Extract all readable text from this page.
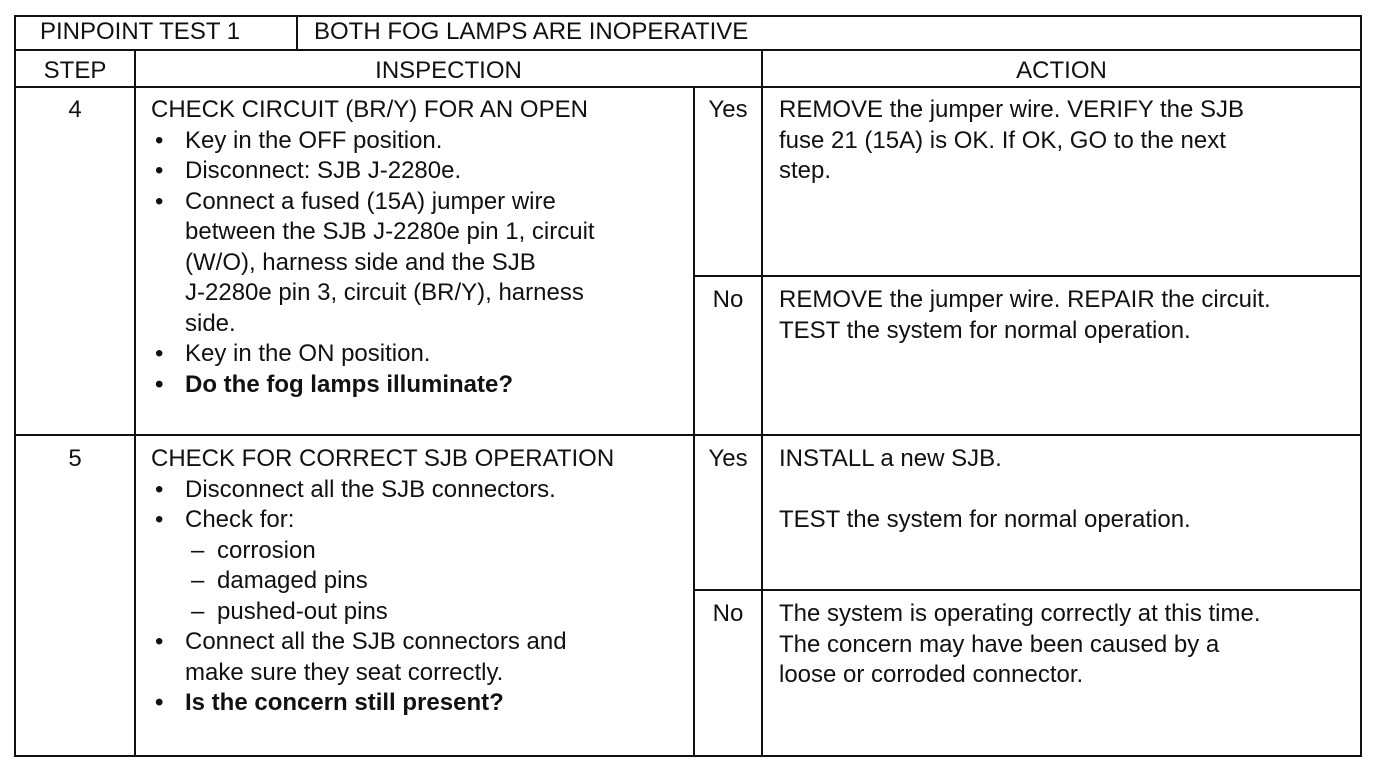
PINPOINT TEST 1	BOTH FOG LAMPS ARE INOPERATIVE
STEP	INSPECTION	ACTION
4	CHECK CIRCUIT (BR/Y) FOR AN OPEN
• Key in the OFF position.
• Disconnect: SJB J-2280e.
• Connect a fused (15A) jumper wire
between the SJB J-2280e pin 1, circuit
(W/O), harness side and the SJB
J-2280e pin 3, circuit (BR/Y), harness
side.
• Key in the ON position.
• Do the fog lamps illuminate?
Yes	REMOVE the jumper wire. VERIFY the SJB
fuse 21 (15A) is OK. If OK, GO to the next
step.
No	REMOVE the jumper wire. REPAIR the circuit.
TEST the system for normal operation.
5	CHECK FOR CORRECT SJB OPERATION
• Disconnect all the SJB connectors.
• Check for:
– corrosion
– damaged pins
– pushed-out pins
• Connect all the SJB connectors and
make sure they seat correctly.
• Is the concern still present?
Yes	INSTALL a new SJB.
TEST the system for normal operation.
No	The system is operating correctly at this time.
The concern may have been caused by a
loose or corroded connector.
